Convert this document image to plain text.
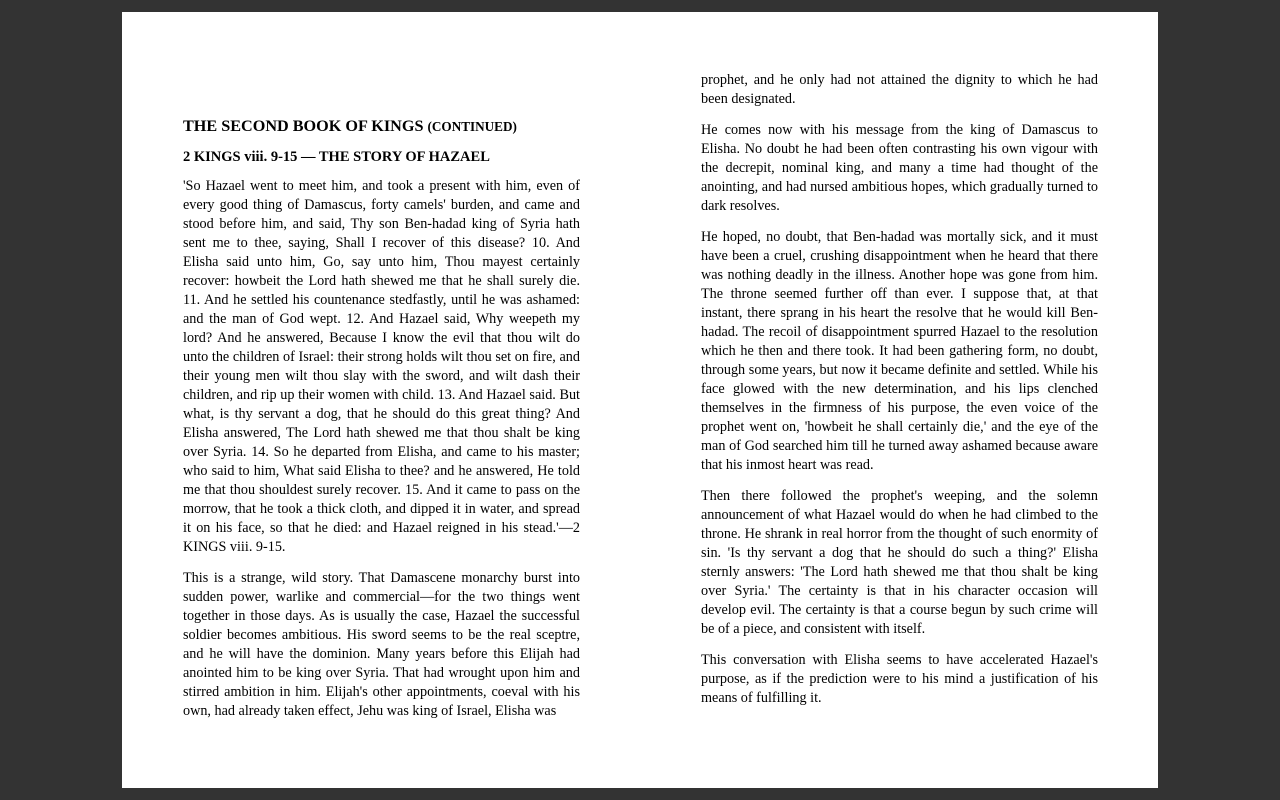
THE SECOND BOOK OF KINGS (CONTINUED)
2 KINGS viii. 9-15 — THE STORY OF HAZAEL

'So Hazael went to meet him, and took a present with him, even of every good thing of Damascus, forty camels' burden, and came and stood before him, and said, Thy son Ben-hadad king of Syria hath sent me to thee, saying, Shall I recover of this disease? 10. And Elisha said unto him, Go, say unto him, Thou mayest certainly recover: howbeit the Lord hath shewed me that he shall surely die. 11. And he settled his countenance stedfastly, until he was ashamed: and the man of God wept. 12. And Hazael said, Why weepeth my lord? And he answered, Because I know the evil that thou wilt do unto the children of Israel: their strong holds wilt thou set on fire, and their young men wilt thou slay with the sword, and wilt dash their children, and rip up their women with child. 13. And Hazael said. But what, is thy servant a dog, that he should do this great thing? And Elisha answered, The Lord hath shewed me that thou shalt be king over Syria. 14. So he departed from Elisha, and came to his master; who said to him, What said Elisha to thee? and he answered, He told me that thou shouldest surely recover. 15. And it came to pass on the morrow, that he took a thick cloth, and dipped it in water, and spread it on his face, so that he died: and Hazael reigned in his stead.'—2 KINGS viii. 9-15.

This is a strange, wild story. That Damascene monarchy burst into sudden power, warlike and commercial—for the two things went together in those days. As is usually the case, Hazael the successful soldier becomes ambitious. His sword seems to be the real sceptre, and he will have the dominion. Many years before this Elijah had anointed him to be king over Syria. That had wrought upon him and stirred ambition in him. Elijah's other appointments, coeval with his own, had already taken effect, Jehu was king of Israel, Elisha was

prophet, and he only had not attained the dignity to which he had been designated.

He comes now with his message from the king of Damascus to Elisha. No doubt he had been often contrasting his own vigour with the decrepit, nominal king, and many a time had thought of the anointing, and had nursed ambitious hopes, which gradually turned to dark resolves.

He hoped, no doubt, that Ben-hadad was mortally sick, and it must have been a cruel, crushing disappointment when he heard that there was nothing deadly in the illness. Another hope was gone from him. The throne seemed further off than ever. I suppose that, at that instant, there sprang in his heart the resolve that he would kill Ben-hadad. The recoil of disappointment spurred Hazael to the resolution which he then and there took. It had been gathering form, no doubt, through some years, but now it became definite and settled. While his face glowed with the new determination, and his lips clenched themselves in the firmness of his purpose, the even voice of the prophet went on, 'howbeit he shall certainly die,' and the eye of the man of God searched him till he turned away ashamed because aware that his inmost heart was read.

Then there followed the prophet's weeping, and the solemn announcement of what Hazael would do when he had climbed to the throne. He shrank in real horror from the thought of such enormity of sin. 'Is thy servant a dog that he should do such a thing?' Elisha sternly answers: 'The Lord hath shewed me that thou shalt be king over Syria.' The certainty is that in his character occasion will develop evil. The certainty is that a course begun by such crime will be of a piece, and consistent with itself.

This conversation with Elisha seems to have accelerated Hazael's purpose, as if the prediction were to his mind a justification of his means of fulfilling it.
